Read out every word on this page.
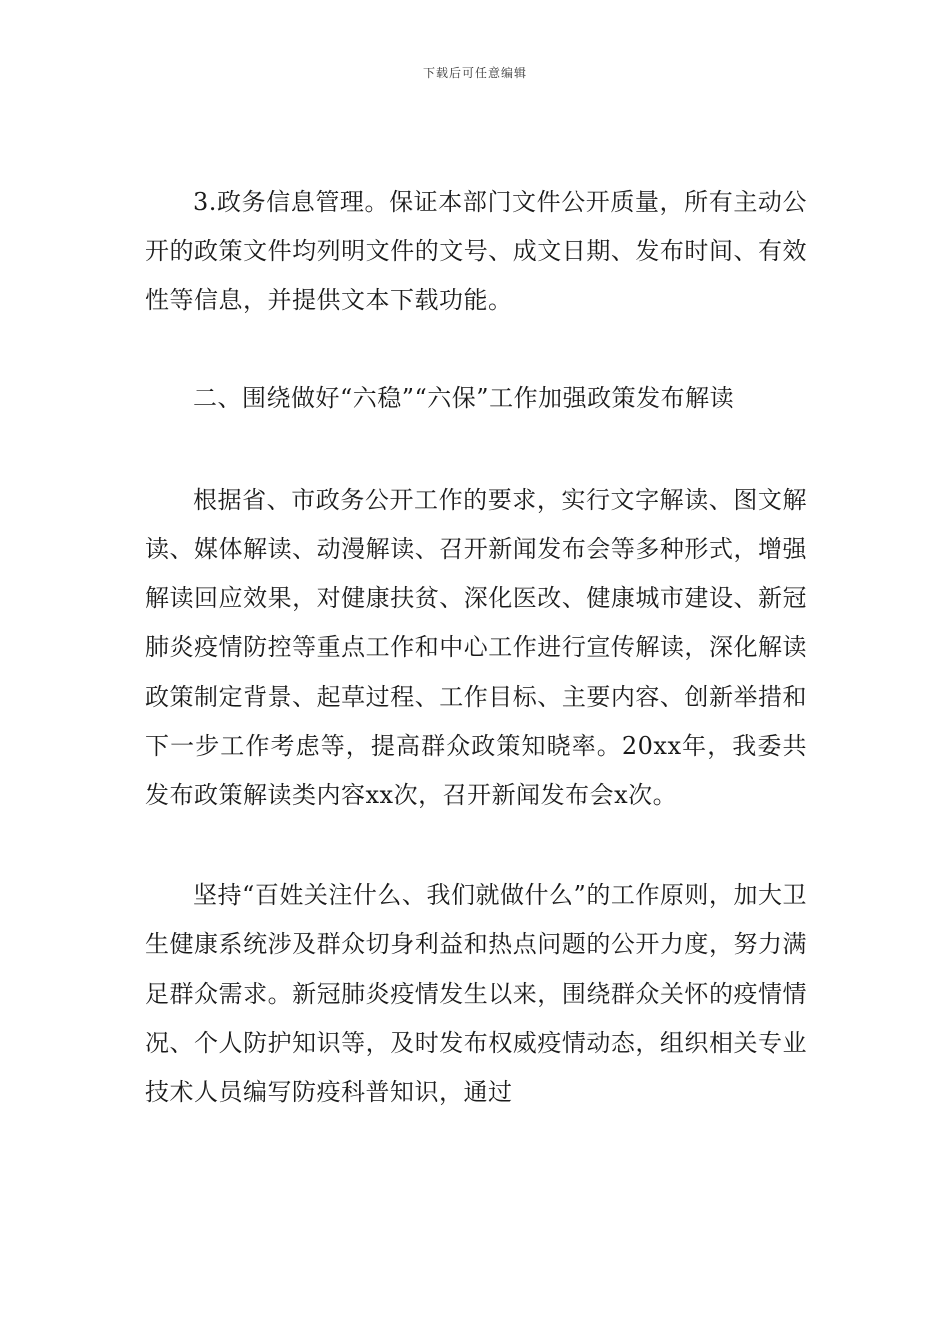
下载后可任意编辑

3.政务信息管理。保证本部门文件公开质量，所有主动公开的政策文件均列明文件的文号、成文日期、发布时间、有效性等信息，并提供文本下载功能。

二、围绕做好“六稳”“六保”工作加强政策发布解读

根据省、市政务公开工作的要求，实行文字解读、图文解读、媒体解读、动漫解读、召开新闻发布会等多种形式，增强解读回应效果，对健康扶贫、深化医改、健康城市建设、新冠肺炎疫情防控等重点工作和中心工作进行宣传解读，深化解读政策制定背景、起草过程、工作目标、主要内容、创新举措和下一步工作考虑等，提高群众政策知晓率。20xx年，我委共发布政策解读类内容xx次，召开新闻发布会x次。

坚持“百姓关注什么、我们就做什么”的工作原则，加大卫生健康系统涉及群众切身利益和热点问题的公开力度，努力满足群众需求。新冠肺炎疫情发生以来，围绕群众关怀的疫情情况、个人防护知识等，及时发布权威疫情动态，组织相关专业技术人员编写防疫科普知识，通过
